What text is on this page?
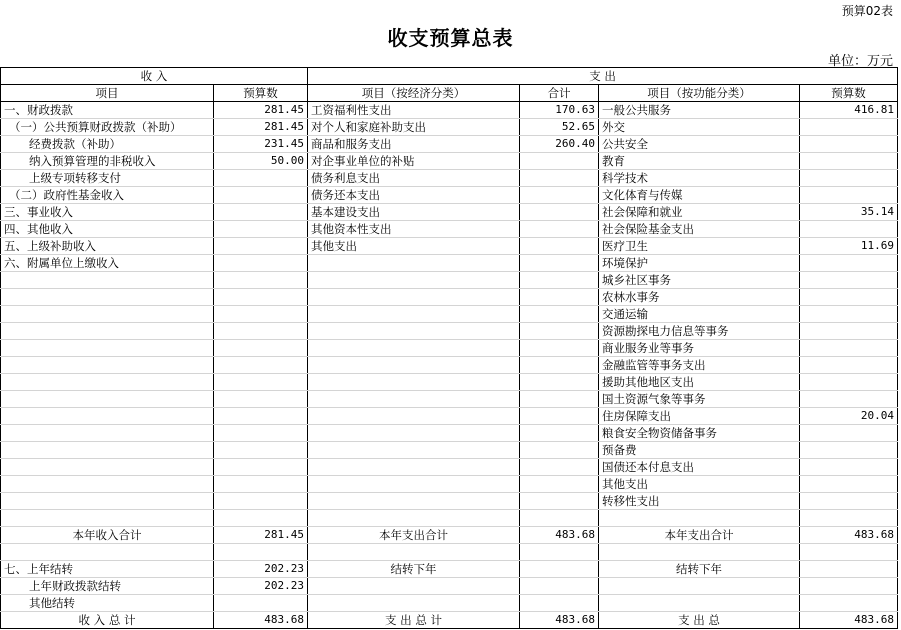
预算02表
收支预算总表
单位：万元
收 入		支 出			
项目	预算数	项目（按经济分类）	合计	项目（按功能分类）	预算数
一、财政拨款	281.45	工资福利性支出	170.63	一般公共服务	416.81
（一）公共预算财政拨款（补助）	281.45	对个人和家庭补助支出	52.65	外交	
经费拨款（补助）	231.45	商品和服务支出	260.40	公共安全	
纳入预算管理的非税收入	50.00	对企事业单位的补贴		教育	
上级专项转移支付		债务利息支出		科学技术	
（二）政府性基金收入		债务还本支出		文化体育与传媒	
三、事业收入		基本建设支出		社会保障和就业	35.14
四、其他收入		其他资本性支出		社会保险基金支出	
五、上级补助收入		其他支出		医疗卫生	11.69
六、附属单位上缴收入				环境保护	
				城乡社区事务	
				农林水事务	
				交通运输	
				资源勘探电力信息等事务	
				商业服务业等事务	
				金融监管等事务支出	
				援助其他地区支出	
				国土资源气象等事务	
				住房保障支出	20.04
				粮食安全物资储备事务	
				预备费	
				国债还本付息支出	
				其他支出	
				转移性支出	

本年收入合计	281.45	本年支出合计	483.68	本年支出合计	483.68

七、上年结转	202.23	结转下年		结转下年	
上年财政拨款结转	202.23				
其他结转					
收 入 总 计	483.68	支 出 总 计	483.68	支 出 总	483.68
